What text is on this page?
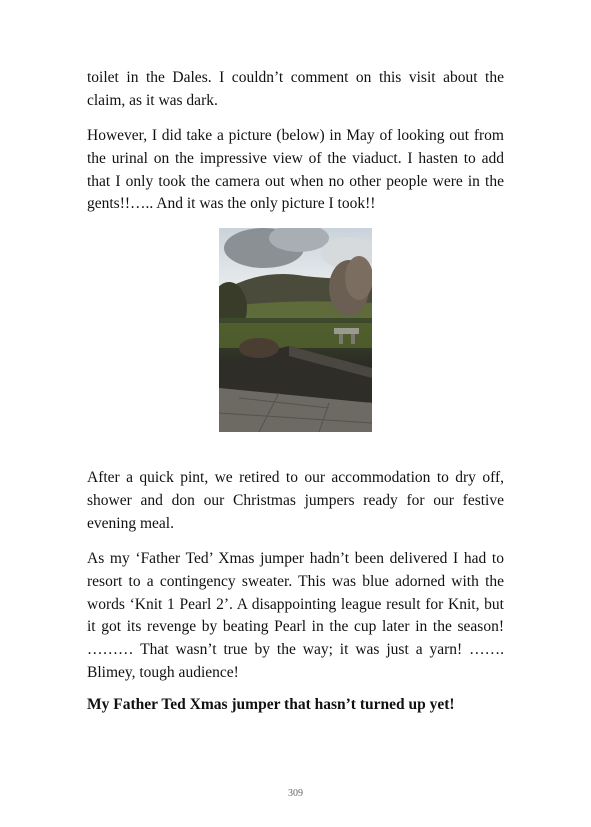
toilet in the Dales. I couldn’t comment on this visit about the claim, as it was dark.

However, I did take a picture (below) in May of looking out from the urinal on the impressive view of the viaduct. I hasten to add that I only took the camera out when no other people were in the gents!!….. And it was the only picture I took!!

After a quick pint, we retired to our accommodation to dry off, shower and don our Christmas jumpers ready for our festive evening meal.

As my ‘Father Ted’ Xmas jumper hadn’t been delivered I had to resort to a contingency sweater. This was blue adorned with the words ‘Knit 1 Pearl 2’. A disappointing league result for Knit, but it got its revenge by beating Pearl in the cup later in the season! ……… That wasn’t true by the way; it was just a yarn! ……. Blimey, tough audience!

My Father Ted Xmas jumper that hasn’t turned up yet!

309
